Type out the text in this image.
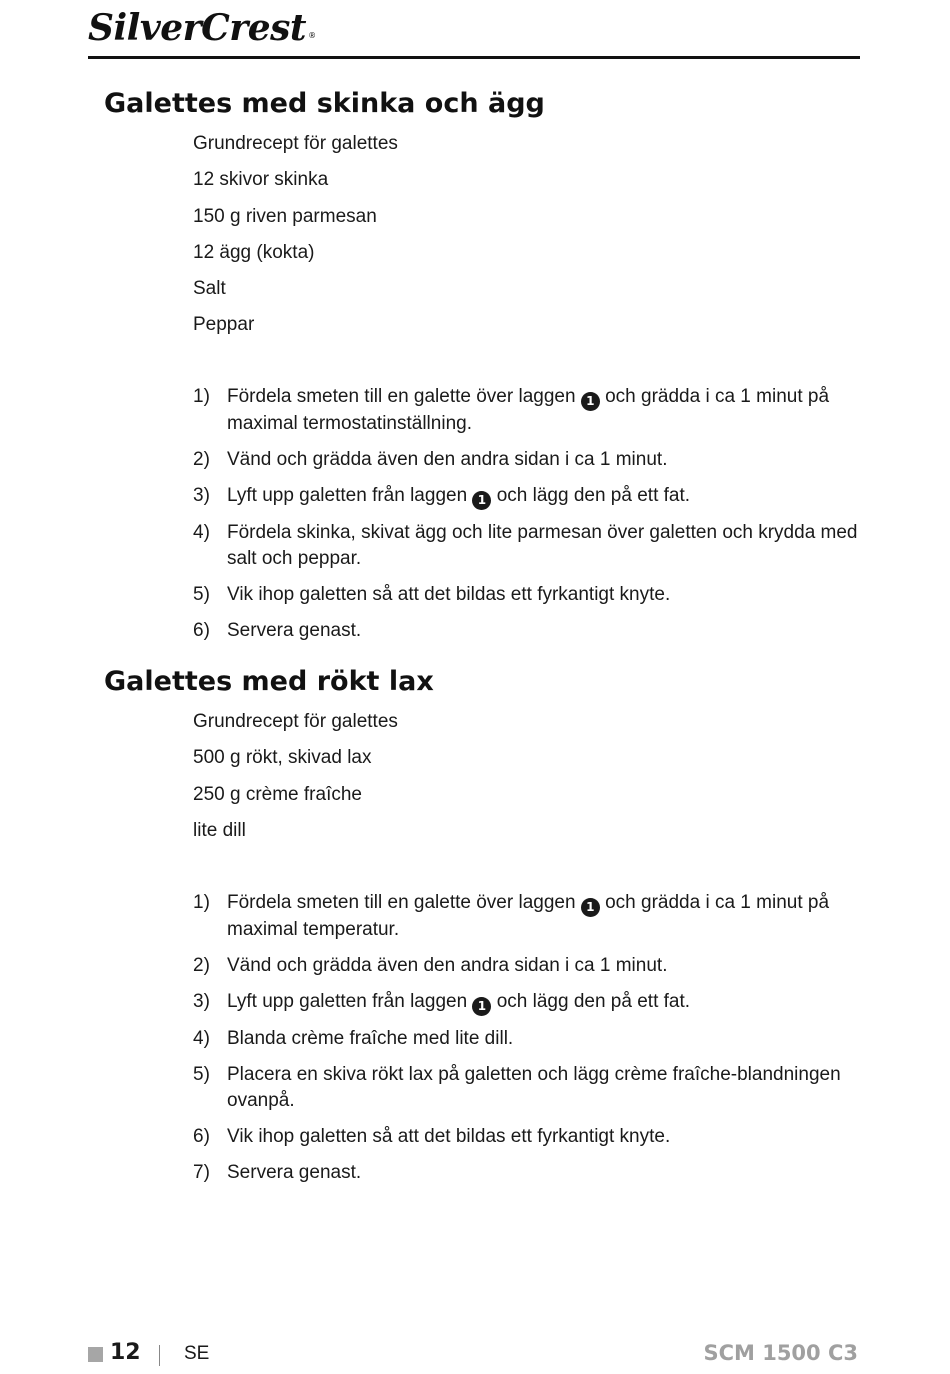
SilverCrest ®
Galettes med skinka och ägg
Grundrecept för galettes
12 skivor skinka
150 g riven parmesan
12 ägg (kokta)
Salt
Peppar
1) Fördela smeten till en galette över laggen 1 och grädda i ca 1 minut på maximal termostatinställning.
2) Vänd och grädda även den andra sidan i ca 1 minut.
3) Lyft upp galetten från laggen 1 och lägg den på ett fat.
4) Fördela skinka, skivat ägg och lite parmesan över galetten och krydda med salt och peppar.
5) Vik ihop galetten så att det bildas ett fyrkantigt knyte.
6) Servera genast.
Galettes med rökt lax
Grundrecept för galettes
500 g rökt, skivad lax
250 g crème fraîche
lite dill
1) Fördela smeten till en galette över laggen 1 och grädda i ca 1 minut på maximal temperatur.
2) Vänd och grädda även den andra sidan i ca 1 minut.
3) Lyft upp galetten från laggen 1 och lägg den på ett fat.
4) Blanda crème fraîche med lite dill.
5) Placera en skiva rökt lax på galetten och lägg crème fraîche-blandningen ovanpå.
6) Vik ihop galetten så att det bildas ett fyrkantigt knyte.
7) Servera genast.
12 SE	SCM 1500 C3
